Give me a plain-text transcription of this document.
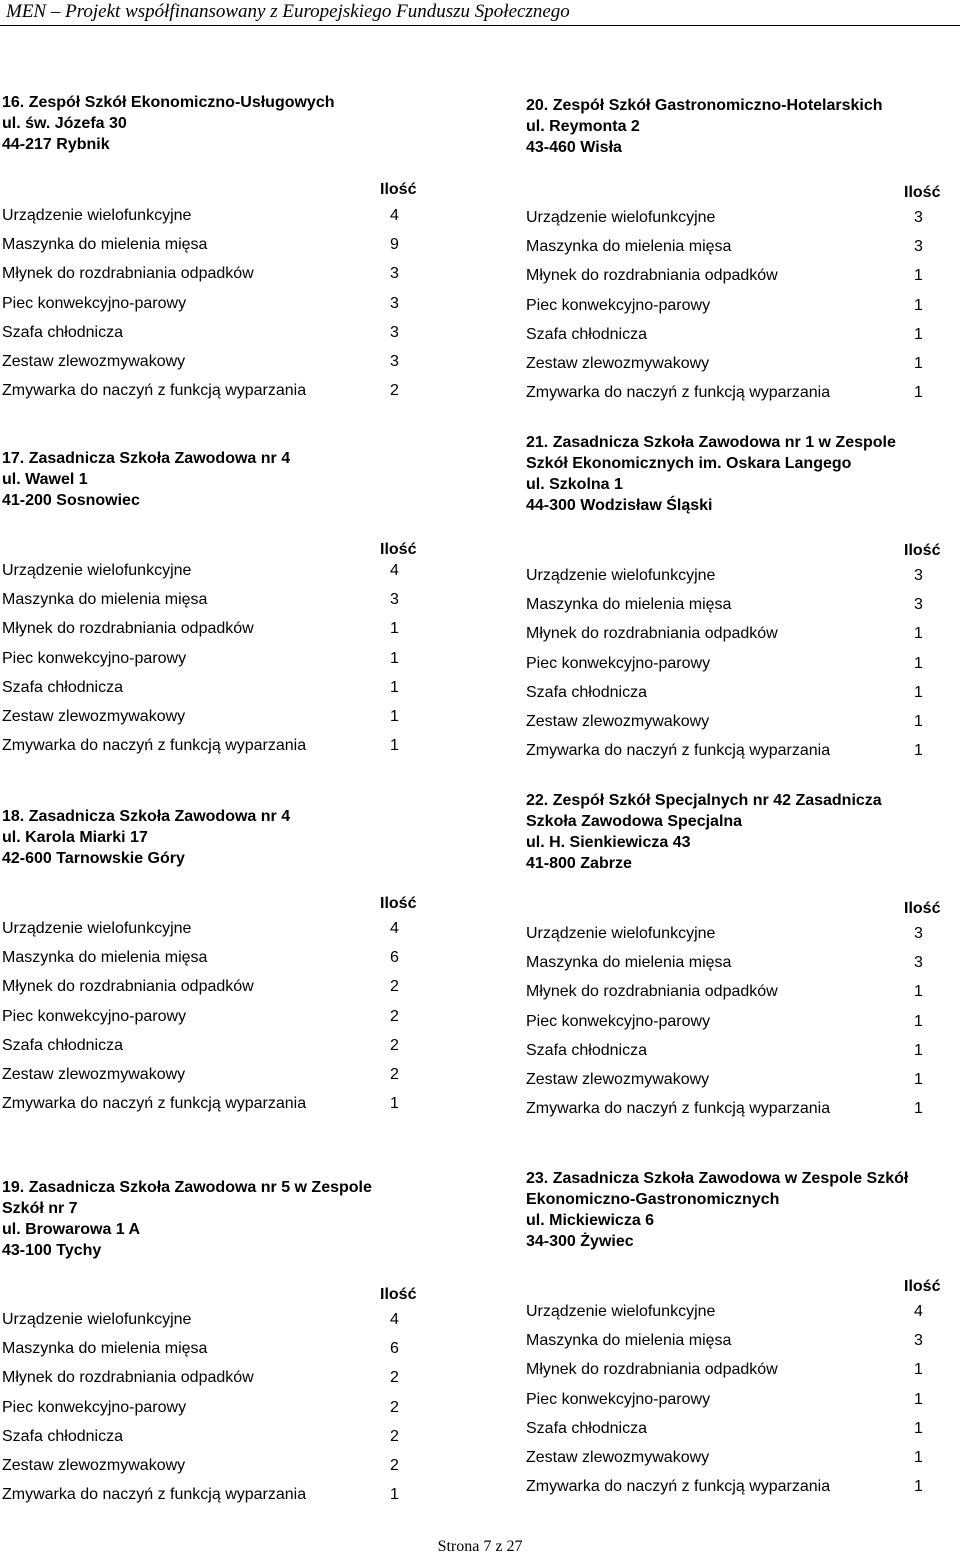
MEN – Projekt współfinansowany z Europejskiego Funduszu Społecznego
16. Zespół Szkół Ekonomiczno-Usługowych
ul. św. Józefa 30
44-217 Rybnik
Ilość
Urządzenie wielofunkcyjne	4
Maszynka do mielenia mięsa	9
Młynek do rozdrabniania odpadków	3
Piec konwekcyjno-parowy	3
Szafa chłodnicza	3
Zestaw zlewozmywakowy	3
Zmywarka do naczyń z funkcją wyparzania	2
17. Zasadnicza Szkoła Zawodowa nr 4
ul. Wawel 1
41-200 Sosnowiec
Ilość
Urządzenie wielofunkcyjne	4
Maszynka do mielenia mięsa	3
Młynek do rozdrabniania odpadków	1
Piec konwekcyjno-parowy	1
Szafa chłodnicza	1
Zestaw zlewozmywakowy	1
Zmywarka do naczyń z funkcją wyparzania	1
18. Zasadnicza Szkoła Zawodowa nr 4
ul. Karola Miarki 17
42-600 Tarnowskie Góry
Ilość
Urządzenie wielofunkcyjne	4
Maszynka do mielenia mięsa	6
Młynek do rozdrabniania odpadków	2
Piec konwekcyjno-parowy	2
Szafa chłodnicza	2
Zestaw zlewozmywakowy	2
Zmywarka do naczyń z funkcją wyparzania	1
19. Zasadnicza Szkoła Zawodowa nr 5 w Zespole
Szkół nr 7
ul. Browarowa 1 A
43-100 Tychy
Ilość
Urządzenie wielofunkcyjne	4
Maszynka do mielenia mięsa	6
Młynek do rozdrabniania odpadków	2
Piec konwekcyjno-parowy	2
Szafa chłodnicza	2
Zestaw zlewozmywakowy	2
Zmywarka do naczyń z funkcją wyparzania	1
20. Zespół Szkół Gastronomiczno-Hotelarskich
ul. Reymonta 2
43-460 Wisła
Ilość
Urządzenie wielofunkcyjne	3
Maszynka do mielenia mięsa	3
Młynek do rozdrabniania odpadków	1
Piec konwekcyjno-parowy	1
Szafa chłodnicza	1
Zestaw zlewozmywakowy	1
Zmywarka do naczyń z funkcją wyparzania	1
21. Zasadnicza Szkoła Zawodowa nr 1 w Zespole
Szkół Ekonomicznych im. Oskara Langego
ul. Szkolna 1
44-300 Wodzisław Śląski
Ilość
Urządzenie wielofunkcyjne	3
Maszynka do mielenia mięsa	3
Młynek do rozdrabniania odpadków	1
Piec konwekcyjno-parowy	1
Szafa chłodnicza	1
Zestaw zlewozmywakowy	1
Zmywarka do naczyń z funkcją wyparzania	1
22. Zespół Szkół Specjalnych nr 42 Zasadnicza
Szkoła Zawodowa Specjalna
ul. H. Sienkiewicza 43
41-800 Zabrze
Ilość
Urządzenie wielofunkcyjne	3
Maszynka do mielenia mięsa	3
Młynek do rozdrabniania odpadków	1
Piec konwekcyjno-parowy	1
Szafa chłodnicza	1
Zestaw zlewozmywakowy	1
Zmywarka do naczyń z funkcją wyparzania	1
23. Zasadnicza Szkoła Zawodowa w Zespole Szkół
Ekonomiczno-Gastronomicznych
ul. Mickiewicza 6
34-300 Żywiec
Ilość
Urządzenie wielofunkcyjne	4
Maszynka do mielenia mięsa	3
Młynek do rozdrabniania odpadków	1
Piec konwekcyjno-parowy	1
Szafa chłodnicza	1
Zestaw zlewozmywakowy	1
Zmywarka do naczyń z funkcją wyparzania	1
Strona 7 z 27
